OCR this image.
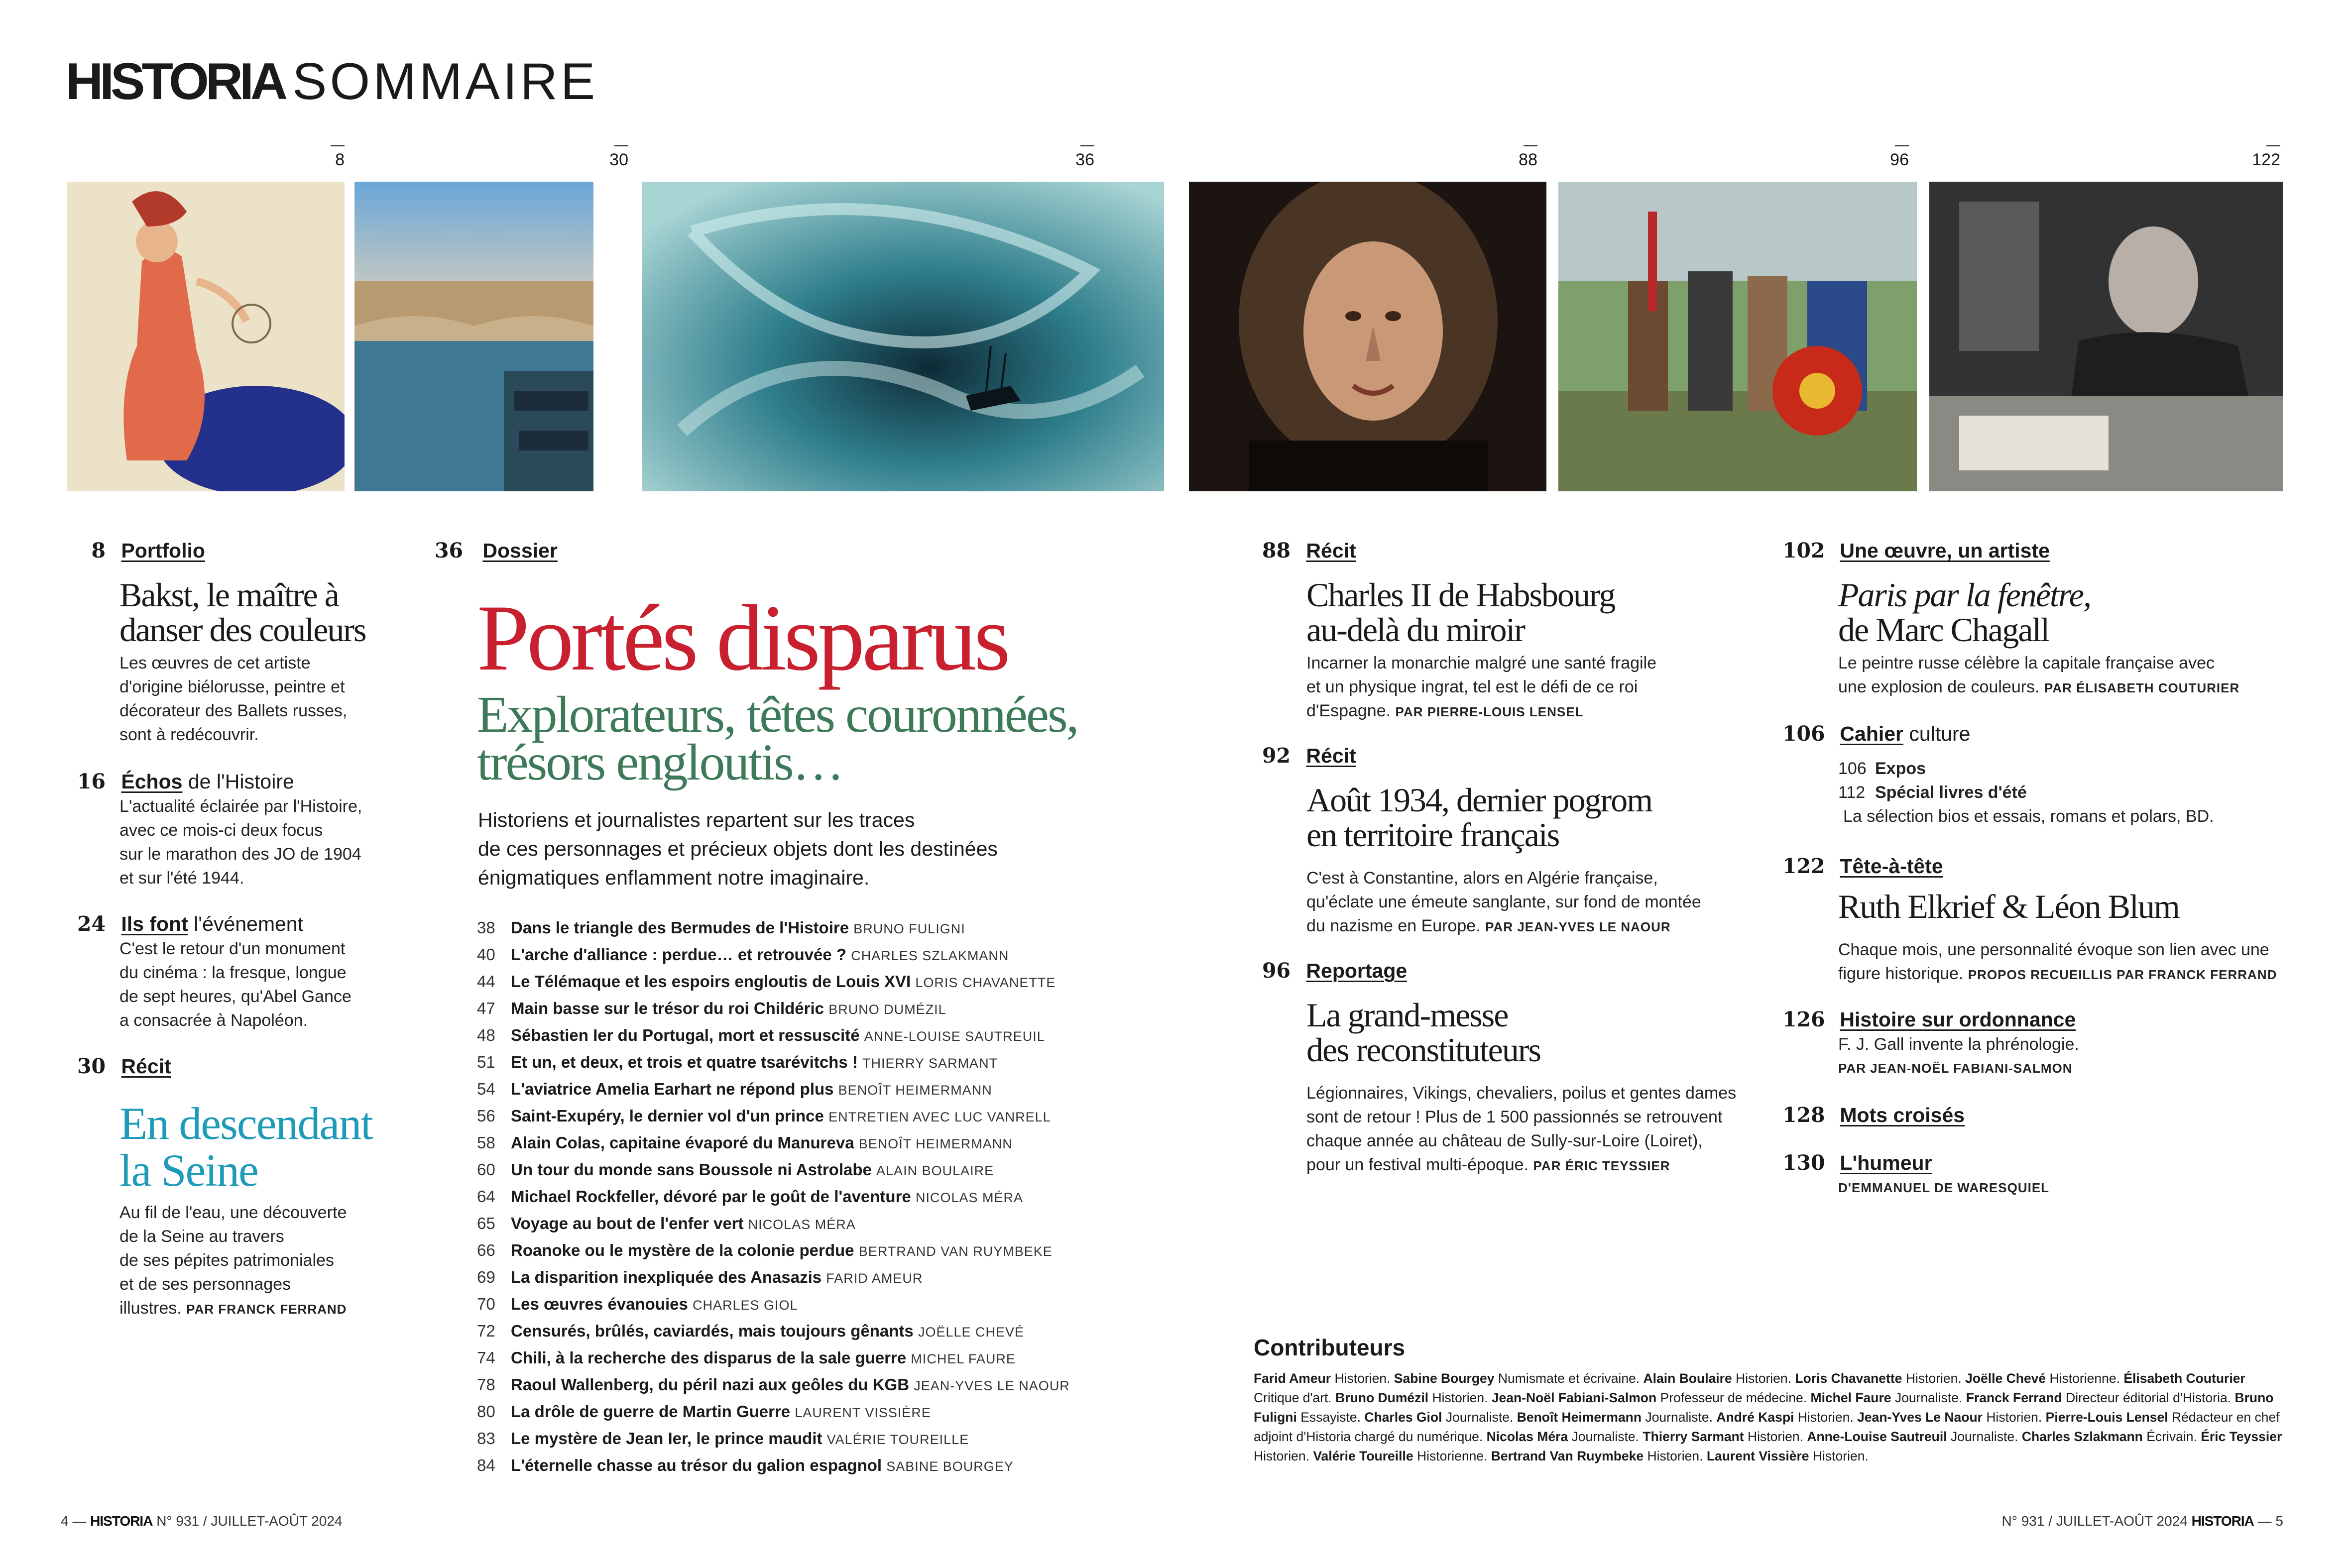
HISTORIA SOMMAIRE
8	30	36	88	96	122
8 Portfolio
Bakst, le maître à
danser des couleurs
Les œuvres de cet artiste
d'origine biélorusse, peintre et
décorateur des Ballets russes,
sont à redécouvrir.
16 Échos de l'Histoire
L'actualité éclairée par l'Histoire,
avec ce mois-ci deux focus
sur le marathon des JO de 1904
et sur l'été 1944.
24 Ils font l'événement
C'est le retour d'un monument
du cinéma : la fresque, longue
de sept heures, qu'Abel Gance
a consacrée à Napoléon.
30 Récit
En descendant
la Seine
Au fil de l'eau, une découverte
de la Seine au travers
de ses pépites patrimoniales
et de ses personnages
illustres. PAR FRANCK FERRAND
36 Dossier
Portés disparus
Explorateurs, têtes couronnées,
trésors engloutis…
Historiens et journalistes repartent sur les traces
de ces personnages et précieux objets dont les destinées
énigmatiques enflamment notre imaginaire.
38 Dans le triangle des Bermudes de l'Histoire BRUNO FULIGNI
40 L'arche d'alliance : perdue… et retrouvée ? CHARLES SZLAKMANN
44 Le Télémaque et les espoirs engloutis de Louis XVI LORIS CHAVANETTE
47 Main basse sur le trésor du roi Childéric BRUNO DUMÉZIL
48 Sébastien Ier du Portugal, mort et ressuscité ANNE-LOUISE SAUTREUIL
51 Et un, et deux, et trois et quatre tsarévitchs ! THIERRY SARMANT
54 L'aviatrice Amelia Earhart ne répond plus BENOÎT HEIMERMANN
56 Saint-Exupéry, le dernier vol d'un prince ENTRETIEN AVEC LUC VANRELL
58 Alain Colas, capitaine évaporé du Manureva BENOÎT HEIMERMANN
60 Un tour du monde sans Boussole ni Astrolabe ALAIN BOULAIRE
64 Michael Rockfeller, dévoré par le goût de l'aventure NICOLAS MÉRA
65 Voyage au bout de l'enfer vert NICOLAS MÉRA
66 Roanoke ou le mystère de la colonie perdue BERTRAND VAN RUYMBEKE
69 La disparition inexpliquée des Anasazis FARID AMEUR
70 Les œuvres évanouies CHARLES GIOL
72 Censurés, brûlés, caviardés, mais toujours gênants JOËLLE CHEVÉ
74 Chili, à la recherche des disparus de la sale guerre MICHEL FAURE
78 Raoul Wallenberg, du péril nazi aux geôles du KGB JEAN-YVES LE NAOUR
80 La drôle de guerre de Martin Guerre LAURENT VISSIÈRE
83 Le mystère de Jean Ier, le prince maudit VALÉRIE TOUREILLE
84 L'éternelle chasse au trésor du galion espagnol SABINE BOURGEY
88 Récit
Charles II de Habsbourg
au-delà du miroir
Incarner la monarchie malgré une santé fragile
et un physique ingrat, tel est le défi de ce roi
d'Espagne. PAR PIERRE-LOUIS LENSEL
92 Récit
Août 1934, dernier pogrom
en territoire français
C'est à Constantine, alors en Algérie française,
qu'éclate une émeute sanglante, sur fond de montée
du nazisme en Europe. PAR JEAN-YVES LE NAOUR
96 Reportage
La grand-messe
des reconstituteurs
Légionnaires, Vikings, chevaliers, poilus et gentes dames
sont de retour ! Plus de 1 500 passionnés se retrouvent
chaque année au château de Sully-sur-Loire (Loiret),
pour un festival multi-époque. PAR ÉRIC TEYSSIER
102 Une œuvre, un artiste
Paris par la fenêtre,
de Marc Chagall
Le peintre russe célèbre la capitale française avec
une explosion de couleurs. PAR ÉLISABETH COUTURIER
106 Cahier culture
106 Expos
112 Spécial livres d'été
La sélection bios et essais, romans et polars, BD.
122 Tête-à-tête
Ruth Elkrief & Léon Blum
Chaque mois, une personnalité évoque son lien avec une
figure historique. PROPOS RECUEILLIS PAR FRANCK FERRAND
126 Histoire sur ordonnance
F. J. Gall invente la phrénologie.
PAR JEAN-NOËL FABIANI-SALMON
128 Mots croisés
130 L'humeur
D'EMMANUEL DE WARESQUIEL
Contributeurs
Farid Ameur Historien. Sabine Bourgey Numismate et écrivaine. Alain Boulaire Historien. Loris Chavanette Historien. Joëlle Chevé Historienne. Élisabeth Couturier Critique d'art. Bruno Dumézil Historien. Jean-Noël Fabiani-Salmon Professeur de médecine. Michel Faure Journaliste. Franck Ferrand Directeur éditorial d'Historia. Bruno Fuligni Essayiste. Charles Giol Journaliste. Benoît Heimermann Journaliste. André Kaspi Historien. Jean-Yves Le Naour Historien. Pierre-Louis Lensel Rédacteur en chef adjoint d'Historia chargé du numérique. Nicolas Méra Journaliste. Thierry Sarmant Historien. Anne-Louise Sautreuil Journaliste. Charles Szlakmann Écrivain. Éric Teyssier Historien. Valérie Toureille Historienne. Bertrand Van Ruymbeke Historien. Laurent Vissière Historien.
4 — HISTORIA N° 931 / JUILLET-AOÛT 2024	N° 931 / JUILLET-AOÛT 2024 HISTORIA — 5
